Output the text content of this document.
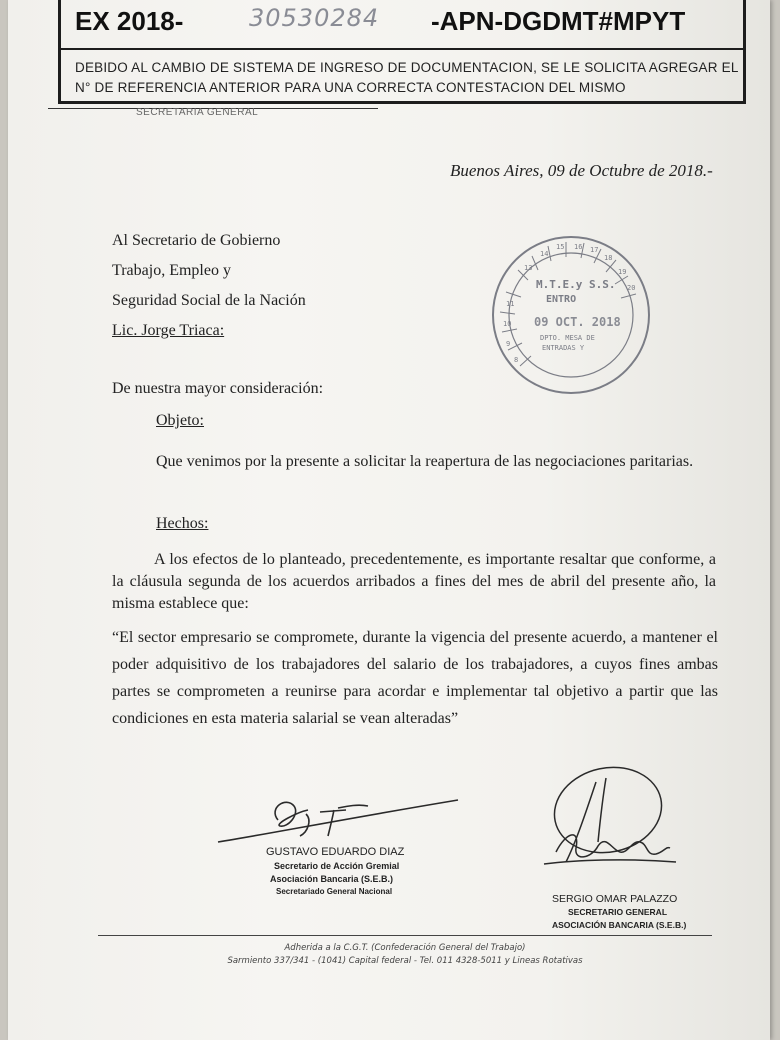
EX 2018-	30530284 -APN-DGDMT#MPYT
DEBIDO AL CAMBIO DE SISTEMA DE INGRESO DE DOCUMENTACION, SE LE SOLICITA AGREGAR EL
N° DE REFERENCIA ANTERIOR PARA UNA CORRECTA CONTESTACION DEL MISMO
SECRETARIA GENERAL
Buenos Aires, 09 de Octubre de 2018.-
Al Secretario de Gobierno
Trabajo, Empleo y
Seguridad Social de la Nación
Lic. Jorge Triaca:
13
14
15 16 17
18
19
20
11
10
9
8
M.T.E.y S.S.
ENTRO
09 OCT. 2018
DPTO. MESA DE
ENTRADAS Y
De nuestra mayor consideración:
Objeto:
Que venimos por la presente a solicitar la reapertura de las negociaciones paritarias.
Hechos:
A los efectos de lo planteado, precedentemente, es importante resaltar que conforme, a la cláusula segunda de los acuerdos arribados a fines del mes de abril del presente año, la misma establece que:
“El sector empresario se compromete, durante la vigencia del presente acuerdo, a mantener el poder adquisitivo de los trabajadores del salario de los trabajadores, a cuyos fines ambas partes se comprometen a reunirse para acordar e implementar tal objetivo a partir que las condiciones en esta materia salarial se vean alteradas”
GUSTAVO EDUARDO DIAZ
Secretario de Acción Gremial
Asociación Bancaria (S.E.B.)
Secretariado General Nacional
SERGIO OMAR PALAZZO
SECRETARIO GENERAL
ASOCIACIÓN BANCARIA (S.E.B.)
Adherida a la C.G.T. (Confederación General del Trabajo)
Sarmiento 337/341 - (1041) Capital federal - Tel. 011 4328-5011 y Lineas Rotativas
